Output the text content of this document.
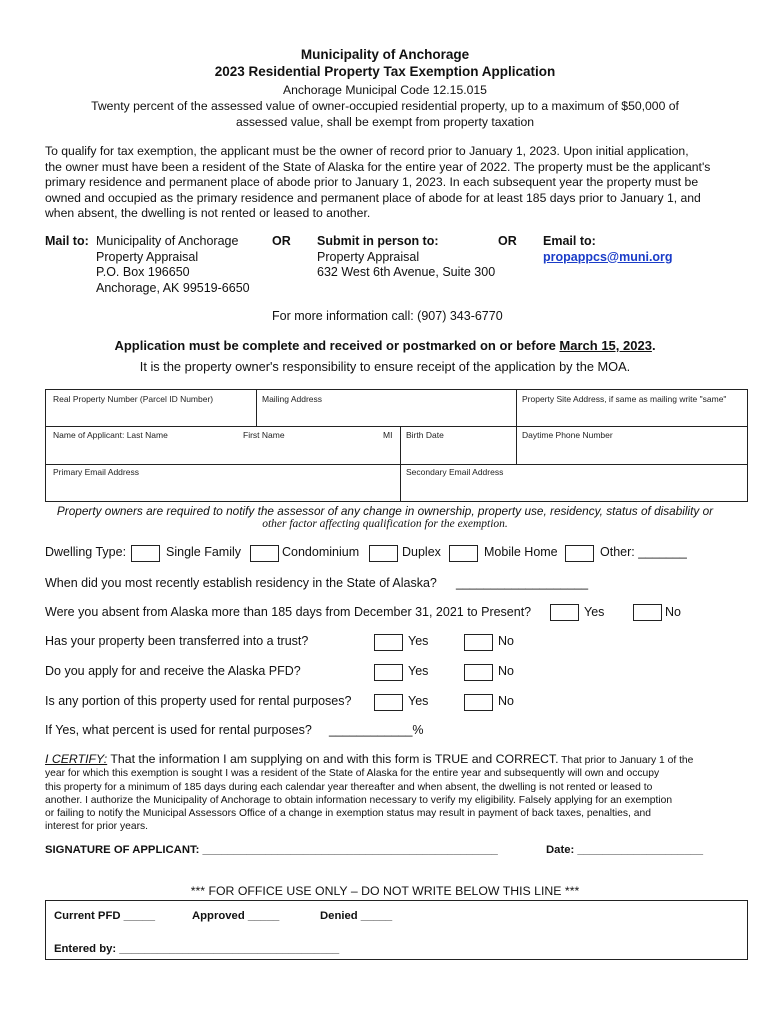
Municipality of Anchorage
2023 Residential Property Tax Exemption Application
Anchorage Municipal Code 12.15.015
Twenty percent of the assessed value of owner-occupied residential property, up to a maximum of $50,000 of
assessed value, shall be exempt from property taxation
To qualify for tax exemption, the applicant must be the owner of record prior to January 1, 2023. Upon initial application,
the owner must have been a resident of the State of Alaska for the entire year of 2022. The property must be the applicant's
primary residence and permanent place of abode prior to January 1, 2023. In each subsequent year the property must be
owned and occupied as the primary residence and permanent place of abode for at least 185 days prior to January 1, and
when absent, the dwelling is not rented or leased to another.
Mail to: Municipality of Anchorage
Property Appraisal
P.O. Box 196650
Anchorage, AK 99519-6650
OR Submit in person to:
Property Appraisal
632 West 6th Avenue, Suite 300
OR Email to:
propappcs@muni.org
For more information call: (907) 343-6770
Application must be complete and received or postmarked on or before March 15, 2023.
It is the property owner's responsibility to ensure receipt of the application by the MOA.
Real Property Number (Parcel ID Number)	Mailing Address	Property Site Address, if same as mailing write "same"
Name of Applicant: Last Name	First Name	MI Birth Date	Daytime Phone Number
Primary Email Address	Secondary Email Address
Property owners are required to notify the assessor of any change in ownership, property use, residency, status of disability or
other factor affecting qualification for the exemption.
Dwelling Type:	Single Family	Condominium	Duplex	Mobile Home	Other: _______
When did you most recently establish residency in the State of Alaska? ___________________
Were you absent from Alaska more than 185 days from December 31, 2021 to Present?	Yes	No
Has your property been transferred into a trust?	Yes	No
Do you apply for and receive the Alaska PFD?	Yes	No
Is any portion of this property used for rental purposes?	Yes	No
If Yes, what percent is used for rental purposes? ____________%
I CERTIFY: That the information I am supplying on and with this form is TRUE and CORRECT. That prior to January 1 of the
year for which this exemption is sought I was a resident of the State of Alaska for the entire year and subsequently will own and occupy
this property for a minimum of 185 days during each calendar year thereafter and when absent, the dwelling is not rented or leased to
another. I authorize the Municipality of Anchorage to obtain information necessary to verify my eligibility. Falsely applying for an exemption
or failing to notify the Municipal Assessors Office of a change in exemption status may result in payment of back taxes, penalties, and
interest for prior years.
SIGNATURE OF APPLICANT: _______________________________________________	Date: ____________________
*** FOR OFFICE USE ONLY – DO NOT WRITE BELOW THIS LINE ***
Current PFD _____	Approved _____	Denied _____
Entered by: ___________________________________
